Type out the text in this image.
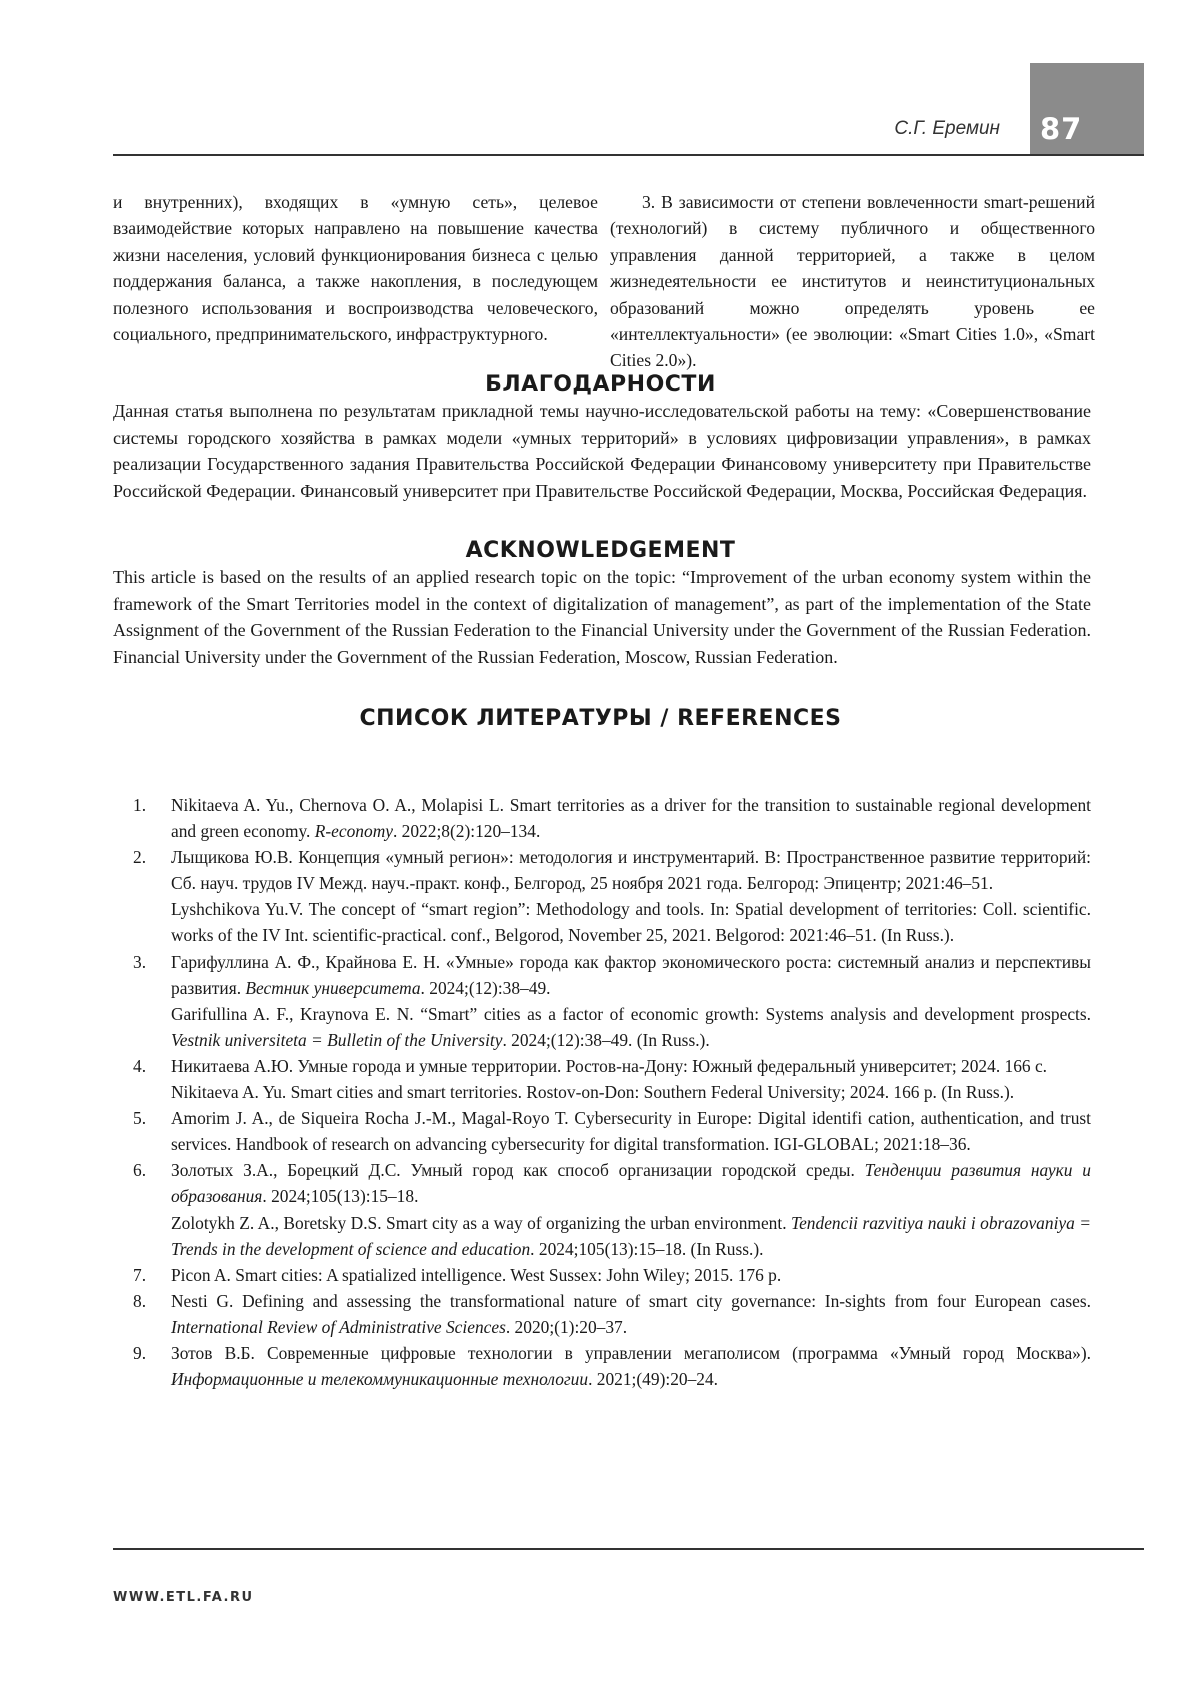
С.Г. Еремин 87

и внутренних), входящих в «умную сеть», целевое взаимодействие которых направлено на повышение качества жизни населения, условий функционирования бизнеса с целью поддержания баланса, а также накопления, в последующем полезного использования и воспроизводства человеческого, социального, предпринимательского, инфраструктурного.

3. В зависимости от степени вовлеченности smart-решений (технологий) в систему публичного и общественного управления данной территорией, а также в целом жизнедеятельности ее институтов и неинституциональных образований можно определять уровень ее «интеллектуальности» (ее эволюции: «Smart Cities 1.0», «Smart Cities 2.0»).

БЛАГОДАРНОСТИ

Данная статья выполнена по результатам прикладной темы научно-исследовательской работы на тему: «Совершенствование системы городского хозяйства в рамках модели «умных территорий» в условиях цифровизации управления», в рамках реализации Государственного задания Правительства Российской Федерации Финансовому университету при Правительстве Российской Федерации. Финансовый университет при Правительстве Российской Федерации, Москва, Российская Федерация.

ACKNOWLEDGEMENT

This article is based on the results of an applied research topic on the topic: “Improvement of the urban economy system within the framework of the Smart Territories model in the context of digitalization of management”, as part of the implementation of the State Assignment of the Government of the Russian Federation to the Financial University under the Government of the Russian Federation. Financial University under the Government of the Russian Federation, Moscow, Russian Federation.

СПИСОК ЛИТЕРАТУРЫ / REFERENCES
1. Nikitaeva A. Yu., Chernova O. A., Molapisi L. Smart territories as a driver for the transition to sustainable regional development and green economy. R-economy. 2022;8(2):120–134.

2. Лыщикова Ю.В. Концепция «умный регион»: методология и инструментарий. В: Пространственное развитие территорий: Сб. науч. трудов IV Межд. науч.-практ. конф., Белгород, 25 ноября 2021 года. Белгород: Эпицентр; 2021:46–51.

Lyshchikova Yu.V. The concept of “smart region”: Methodology and tools. In: Spatial development of territories: Coll. scientific. works of the IV Int. scientific-practical. conf., Belgorod, November 25, 2021. Belgorod: 2021:46–51. (In Russ.).

3. Гарифуллина А. Ф., Крайнова Е. Н. «Умные» города как фактор экономического роста: системный анализ и перспективы развития. Вестник университета. 2024;(12):38–49.

Garifullina A. F., Kraynova E. N. “Smart” cities as a factor of economic growth: Systems analysis and development prospects. Vestnik universiteta = Bulletin of the University. 2024;(12):38–49. (In Russ.).

4. Никитаева А.Ю. Умные города и умные территории. Ростов-на-Дону: Южный федеральный университет; 2024. 166 с.

Nikitaeva A. Yu. Smart cities and smart territories. Rostov-on-Don: Southern Federal University; 2024. 166 p. (In Russ.).

5. Amorim J. A., de Siqueira Rocha J.-M., Magal-Royo T. Cybersecurity in Europe: Digital identifi cation, authentication, and trust services. Handbook of research on advancing cybersecurity for digital transformation. IGI-GLOBAL; 2021:18–36.

6. Золотых З.А., Борецкий Д.С. Умный город как способ организации городской среды. Тенденции развития науки и образования. 2024;105(13):15–18.

Zolotykh Z. A., Boretsky D.S. Smart city as a way of organizing the urban environment. Tendencii razvitiya nauki i obrazovaniya = Trends in the development of science and education. 2024;105(13):15–18. (In Russ.).

7. Picon A. Smart cities: A spatialized intelligence. West Sussex: John Wiley; 2015. 176 p.

8. Nesti G. Defining and assessing the transformational nature of smart city governance: In-sights from four European cases. International Review of Administrative Sciences. 2020;(1):20–37.

9. Зотов В.Б. Современные цифровые технологии в управлении мегаполисом (программа «Умный город Москва»). Информационные и телекоммуникационные технологии. 2021;(49):20–24.

WWW.ETL.FA.RU
